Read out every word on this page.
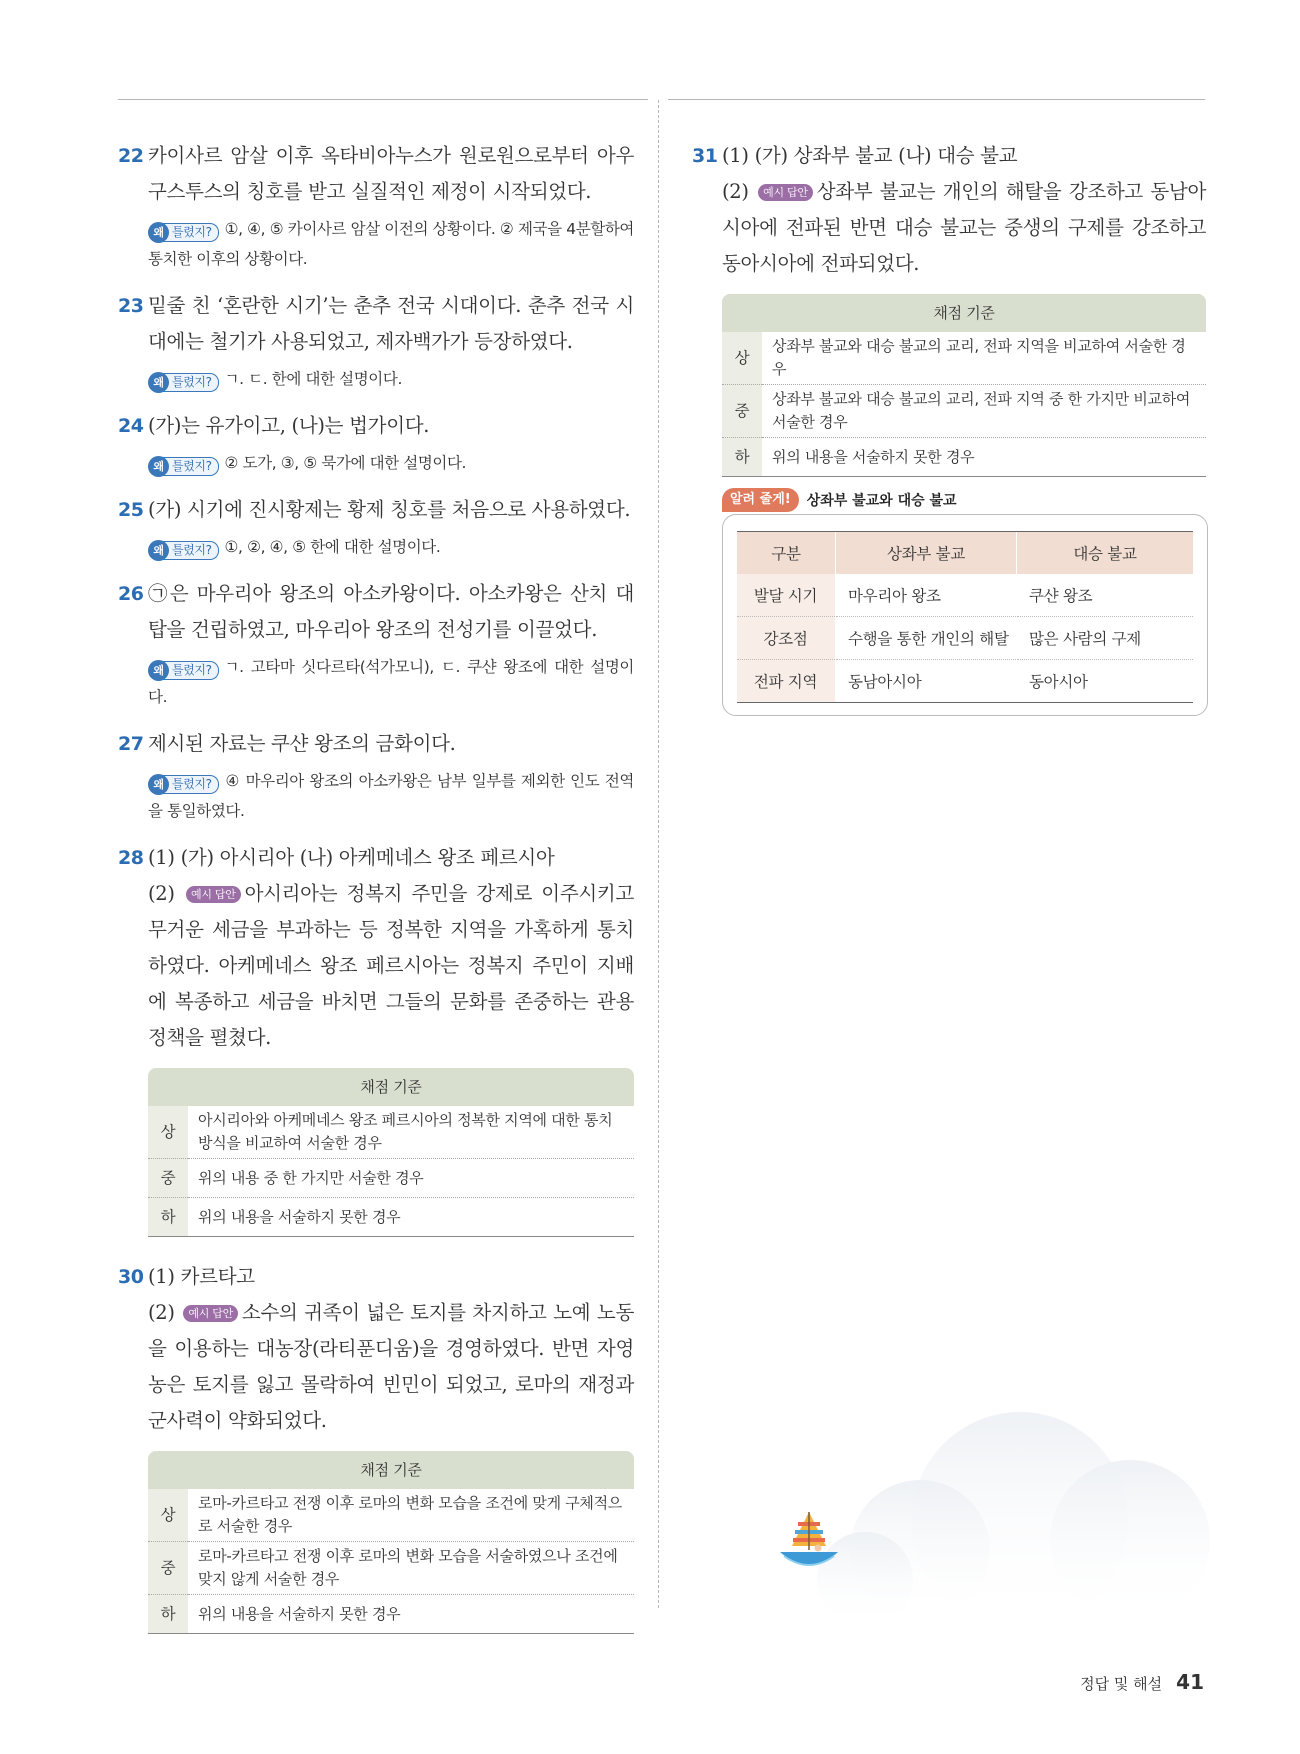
22 카이사르 암살 이후 옥타비아누스가 원로원으로부터 아우구스투스의 칭호를 받고 실질적인 제정이 시작되었다.

왜 틀렸지? ①, ④, ⑤ 카이사르 암살 이전의 상황이다. ② 제국을 4분할하여 통치한 이후의 상황이다.

23 밑줄 친 ‘혼란한 시기’는 춘추 전국 시대이다. 춘추 전국 시대에는 철기가 사용되었고, 제자백가가 등장하였다.

왜 틀렸지? ㄱ. ㄷ. 한에 대한 설명이다.

24 (가)는 유가이고, (나)는 법가이다.

왜 틀렸지? ② 도가, ③, ⑤ 묵가에 대한 설명이다.

25 (가) 시기에 진시황제는 황제 칭호를 처음으로 사용하였다.

왜 틀렸지? ①, ②, ④, ⑤ 한에 대한 설명이다.

26 ㉠은 마우리아 왕조의 아소카왕이다. 아소카왕은 산치 대탑을 건립하였고, 마우리아 왕조의 전성기를 이끌었다.

왜 틀렸지? ㄱ. 고타마 싯다르타(석가모니), ㄷ. 쿠샨 왕조에 대한 설명이다.

27 제시된 자료는 쿠샨 왕조의 금화이다.

왜 틀렸지? ④ 마우리아 왕조의 아소카왕은 남부 일부를 제외한 인도 전역을 통일하였다.

28 (1) (가) 아시리아 (나) 아케메네스 왕조 페르시아

(2) 예시 답안 아시리아는 정복지 주민을 강제로 이주시키고 무거운 세금을 부과하는 등 정복한 지역을 가혹하게 통치하였다. 아케메네스 왕조 페르시아는 정복지 주민이 지배에 복종하고 세금을 바치면 그들의 문화를 존중하는 관용 정책을 펼쳤다.

채점 기준	
상	아시리아와 아케메네스 왕조 페르시아의 정복한 지역에 대한 통치 방식을 비교하여 서술한 경우
중	위의 내용 중 한 가지만 서술한 경우
하	위의 내용을 서술하지 못한 경우
30 (1) 카르타고

(2) 예시 답안 소수의 귀족이 넓은 토지를 차지하고 노예 노동을 이용하는 대농장(라티푼디움)을 경영하였다. 반면 자영농은 토지를 잃고 몰락하여 빈민이 되었고, 로마의 재정과 군사력이 약화되었다.

채점 기준	
상	로마-카르타고 전쟁 이후 로마의 변화 모습을 조건에 맞게 구체적으로 서술한 경우
중	로마-카르타고 전쟁 이후 로마의 변화 모습을 서술하였으나 조건에 맞지 않게 서술한 경우
하	위의 내용을 서술하지 못한 경우
31 (1) (가) 상좌부 불교 (나) 대승 불교

(2) 예시 답안 상좌부 불교는 개인의 해탈을 강조하고 동남아시아에 전파된 반면 대승 불교는 중생의 구제를 강조하고 동아시아에 전파되었다.

채점 기준	
상	상좌부 불교와 대승 불교의 교리, 전파 지역을 비교하여 서술한 경우
중	상좌부 불교와 대승 불교의 교리, 전파 지역 중 한 가지만 비교하여 서술한 경우
하	위의 내용을 서술하지 못한 경우
알려 줄게!	상좌부 불교와 대승 불교
구분	상좌부 불교	대승 불교
발달 시기	마우리아 왕조	쿠샨 왕조
강조점	수행을 통한 개인의 해탈	많은 사람의 구제
전파 지역	동남아시아	동아시아
정답 및 해설 41
